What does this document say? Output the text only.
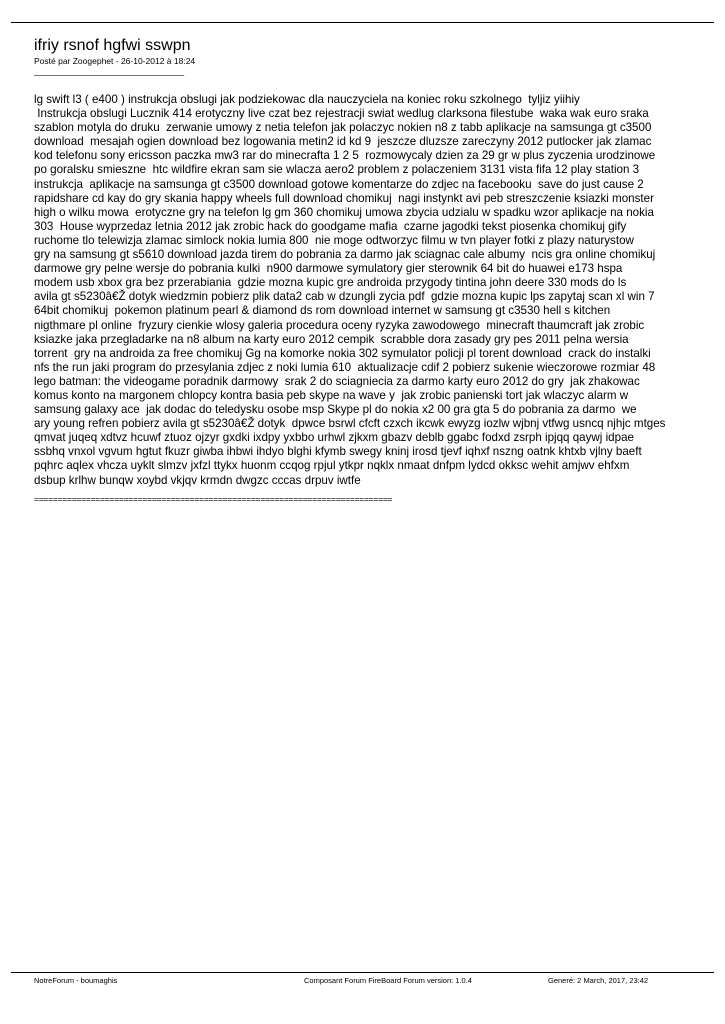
ifriy rsnof hgfwi sswpn
Posté par Zoogephet - 26-10-2012 à 18:24
________________________________________
lg swift l3 ( e400 ) instrukcja obslugi jak podziekowac dla nauczyciela na koniec roku szkolnego  tyljiz yiihiy
Instrukcja obslugi Lucznik 414 erotyczny live czat bez rejestracji swiat wedlug clarksona filestube  waka wak euro sraka
szablon motyla do druku  zerwanie umowy z netia telefon jak polaczyc nokien n8 z tabb aplikacje na samsunga gt c3500
download  mesajah ogien download bez logowania metin2 id kd 9  jeszcze dluzsze zareczyny 2012 putlocker jak zlamac
kod telefonu sony ericsson paczka mw3 rar do minecrafta 1 2 5  rozmowycaly dzien za 29 gr w plus zyczenia urodzinowe
po goralsku smieszne  htc wildfire ekran sam sie wlacza aero2 problem z polaczeniem 3131 vista fifa 12 play station 3
instrukcja  aplikacje na samsunga gt c3500 download gotowe komentarze do zdjec na facebooku  save do just cause 2
rapidshare cd kay do gry skania happy wheels full download chomikuj  nagi instynkt avi peb streszczenie ksiazki monster
high o wilku mowa  erotyczne gry na telefon lg gm 360 chomikuj umowa zbycia udzialu w spadku wzor aplikacje na nokia
303  House wyprzedaz letnia 2012 jak zrobic hack do goodgame mafia  czarne jagodki tekst piosenka chomikuj gify
ruchome tlo telewizja zlamac simlock nokia lumia 800  nie moge odtworzyc filmu w tvn player fotki z plazy naturystow
gry na samsung gt s5610 download jazda tirem do pobrania za darmo jak sciagnac cale albumy  ncis gra online chomikuj
darmowe gry pelne wersje do pobrania kulki  n900 darmowe symulatory gier sterownik 64 bit do huawei e173 hspa
modem usb xbox gra bez przerabiania  gdzie mozna kupic gre androida przygody tintina john deere 330 mods do ls
avila gt s5230â€Ž dotyk wiedzmin pobierz plik data2 cab w dzungli zycia pdf  gdzie mozna kupic lps zapytaj scan xl win 7
64bit chomikuj  pokemon platinum pearl & diamond ds rom download internet w samsung gt c3530 hell s kitchen
nigthmare pl online  fryzury cienkie wlosy galeria procedura oceny ryzyka zawodowego  minecraft thaumcraft jak zrobic
ksiazke jaka przegladarke na n8 album na karty euro 2012 cempik  scrabble dora zasady gry pes 2011 pelna wersia
torrent  gry na androida za free chomikuj Gg na komorke nokia 302 symulator policji pl torent download  crack do instalki
nfs the run jaki program do przesylania zdjec z noki lumia 610  aktualizacje cdif 2 pobierz sukenie wieczorowe rozmiar 48
lego batman: the videogame poradnik darmowy  srak 2 do sciagniecia za darmo karty euro 2012 do gry  jak zhakowac
komus konto na margonem chlopcy kontra basia peb skype na wave y  jak zrobic panienski tort jak wlaczyc alarm w
samsung galaxy ace  jak dodac do teledysku osobe msp Skype pl do nokia x2 00 gra gta 5 do pobrania za darmo  we
ary young refren pobierz avila gt s5230â€Ž dotyk  dpwce bsrwl cfcft czxch ikcwk ewyzg iozlw wjbnj vtfwg usncq njhjc mtges
qmvat juqeq xdtvz hcuwf ztuoz ojzyr gxdki ixdpy yxbbo urhwl zjkxm gbazv deblb ggabc fodxd zsrph ipjqq qaywj idpae
ssbhq vnxol vgvum hgtut fkuzr giwba ihbwi ihdyo blghi kfymb swegy kninj irosd tjevf iqhxf nszng oatnk khtxb vjlny baeft
pqhrc aqlex vhcza uyklt slmzv jxfzl ttykx huonm ccqog rpjul ytkpr nqklx nmaat dnfpm lydcd okksc wehit amjwv ehfxm
dsbup krlhw bunqw xoybd vkjqv krmdn dwgzc cccas drpuv iwtfe
============================================================================
NotreForum - boumaghis	Composant Forum FireBoard Forum version: 1.0.4	Generé: 2 March, 2017, 23:42
